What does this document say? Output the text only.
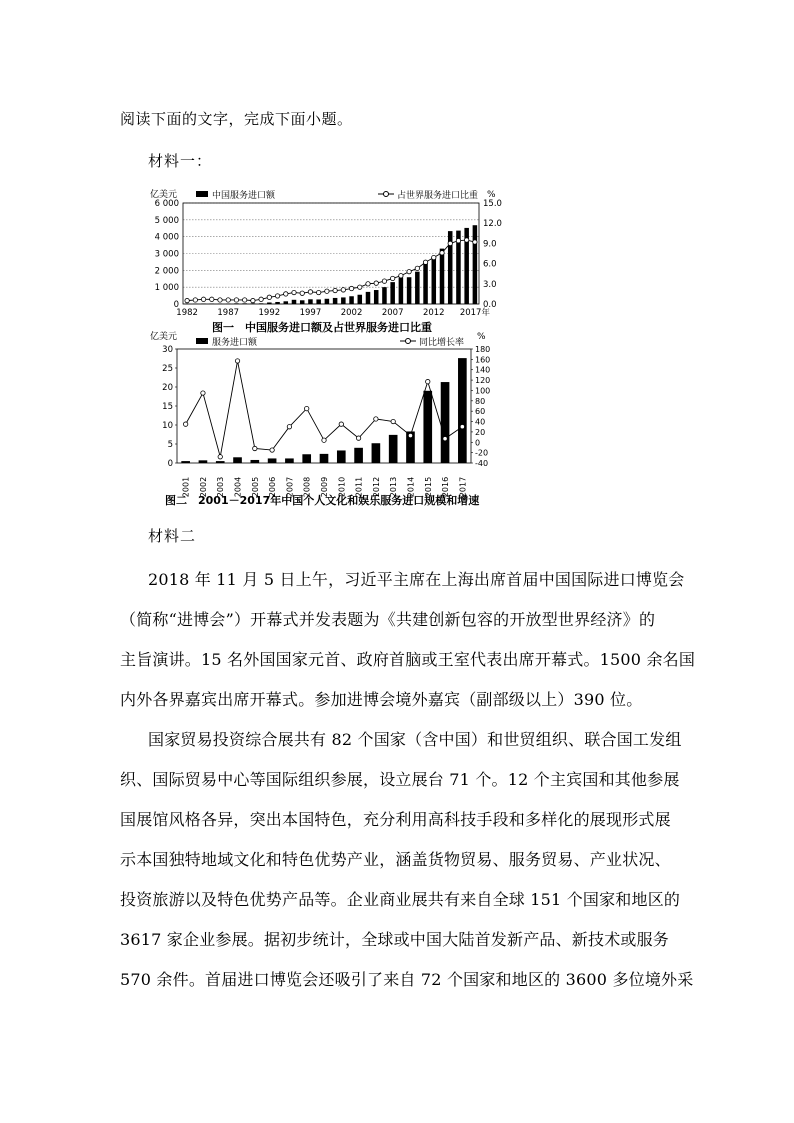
阅读下面的文字，完成下面小题。
材料一：
亿美元	%
中国服务进口额	占世界服务进口比重
图一　中国服务进口额及占世界服务进口比重
0
1 000
2 000
3 000
4 000
5 000
6 000
0.0
3.0
6.0
9.0
12.0
15.0
1982 1987 1992 1997 2002 2007 2012 2017年
亿美元	%
服务进口额	同比增长率
图二　2001－2017年中国个人文化和娱乐服务进口规模和增速
0
5
10
15
20
25
30
-40
-20
0
20
40
60
80
100
120
140
160
180
2001 2002 2003 2004 2005 2006 2007 2008 2009 2010 2011 2012 2013 2014 2015 2016 2017
材料二
2018 年 11 月 5 日上午，习近平主席在上海出席首届中国国际进口博览会
（简称“进博会”）开幕式并发表题为《共建创新包容的开放型世界经济》的
主旨演讲。15 名外国国家元首、政府首脑或王室代表出席开幕式。1500 余名国
内外各界嘉宾出席开幕式。参加进博会境外嘉宾（副部级以上）390 位。
国家贸易投资综合展共有 82 个国家（含中国）和世贸组织、联合国工发组
织、国际贸易中心等国际组织参展，设立展台 71 个。12 个主宾国和其他参展
国展馆风格各异，突出本国特色，充分利用高科技手段和多样化的展现形式展
示本国独特地域文化和特色优势产业，涵盖货物贸易、服务贸易、产业状况、
投资旅游以及特色优势产品等。企业商业展共有来自全球 151 个国家和地区的
3617 家企业参展。据初步统计，全球或中国大陆首发新产品、新技术或服务
570 余件。首届进口博览会还吸引了来自 72 个国家和地区的 3600 多位境外采
